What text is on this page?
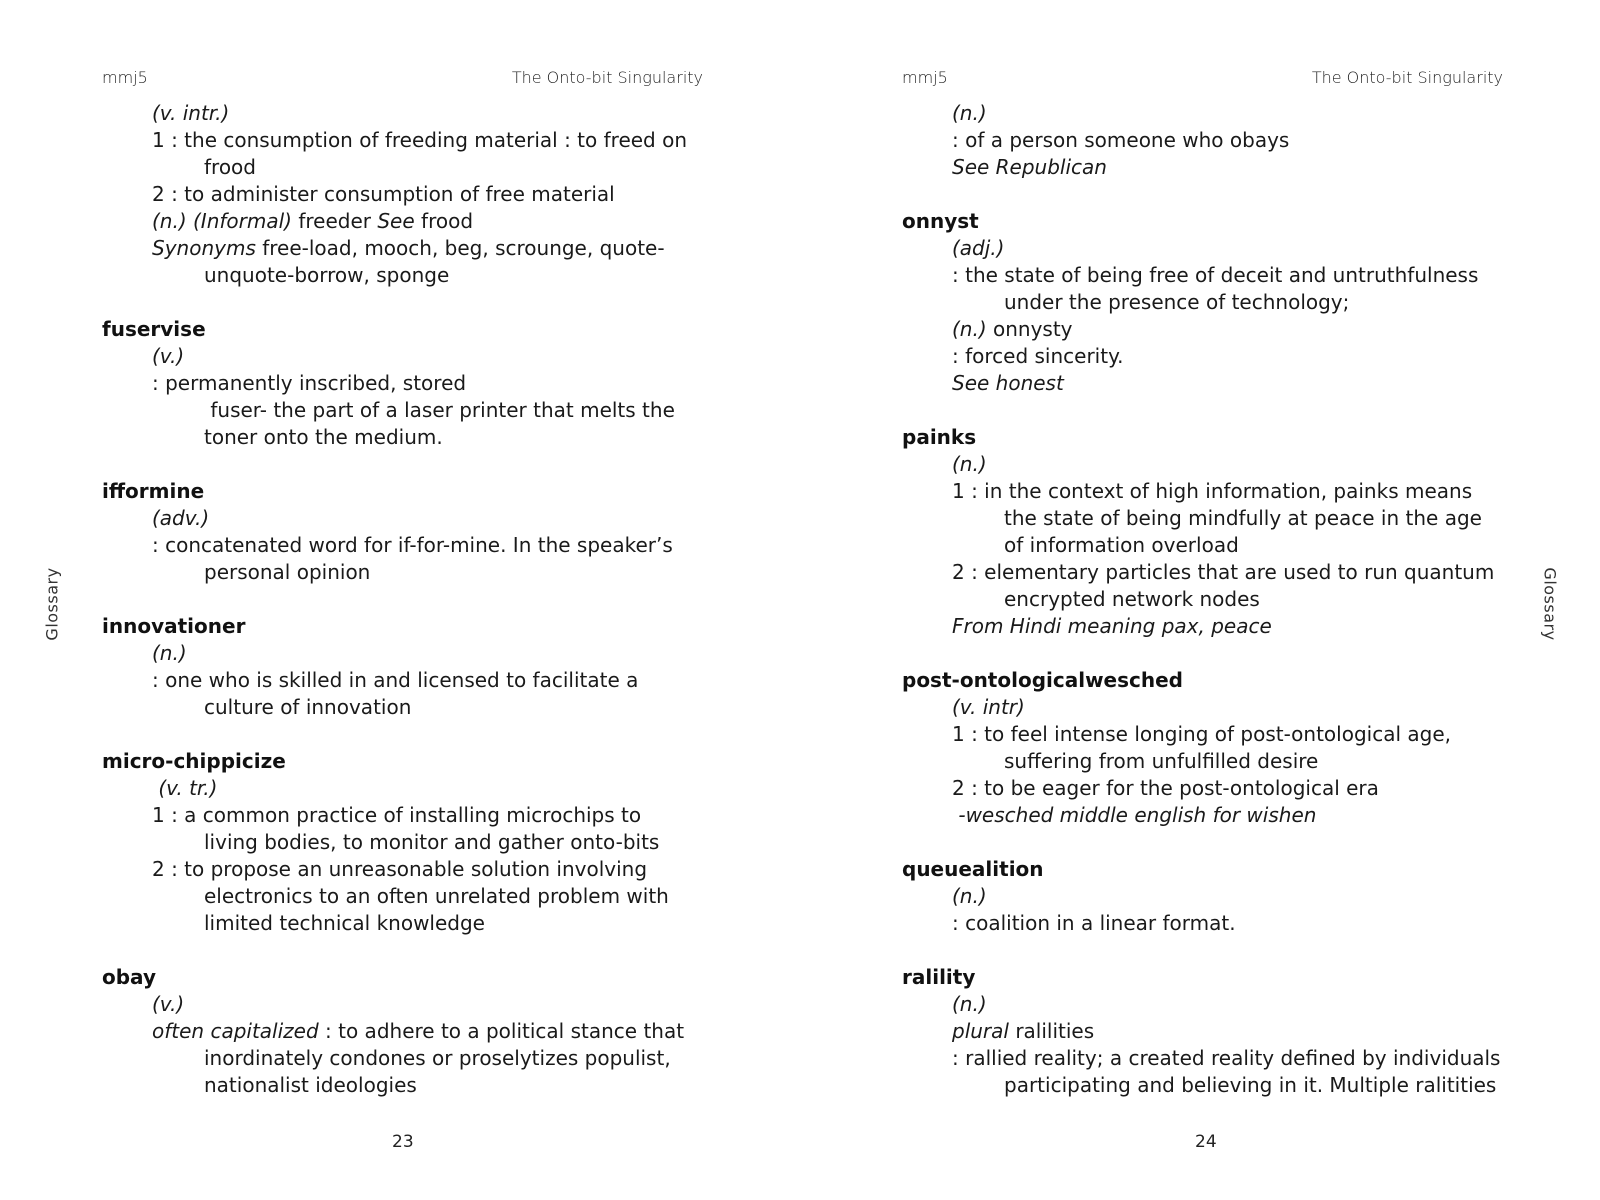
mmj5	The Onto-bit Singularity
Glossary
(v. intr.)
1 : the consumption of freeding material : to freed on
frood
2 : to administer consumption of free material
(n.) (Informal) freeder See frood
Synonyms free-load, mooch, beg, scrounge, quote-
unquote-borrow, sponge
fuservise
(v.)
: permanently inscribed, stored
fuser- the part of a laser printer that melts the
toner onto the medium.
ifformine
(adv.)
: concatenated word for if-for-mine. In the speaker’s
personal opinion
innovationer
(n.)
: one who is skilled in and licensed to facilitate a
culture of innovation
micro-chippicize
(v. tr.)
1 : a common practice of installing microchips to
living bodies, to monitor and gather onto-bits
2 : to propose an unreasonable solution involving
electronics to an often unrelated problem with
limited technical knowledge
obay
(v.)
often capitalized : to adhere to a political stance that
inordinately condones or proselytizes populist,
nationalist ideologies
23
mmj5	The Onto-bit Singularity
Glossary
(n.)
: of a person someone who obays
See Republican
onnyst
(adj.)
: the state of being free of deceit and untruthfulness
under the presence of technology;
(n.) onnysty
: forced sincerity.
See honest
painks
(n.)
1 : in the context of high information, painks means
the state of being mindfully at peace in the age
of information overload
2 : elementary particles that are used to run quantum
encrypted network nodes
From Hindi meaning pax, peace
post-ontologicalwesched
(v. intr)
1 : to feel intense longing of post-ontological age,
suffering from unfulfilled desire
2 : to be eager for the post-ontological era
-wesched middle english for wishen
queuealition
(n.)
: coalition in a linear format.
ralility
(n.)
plural ralilities
: rallied reality; a created reality defined by individuals
participating and believing in it. Multiple ralitities
24
